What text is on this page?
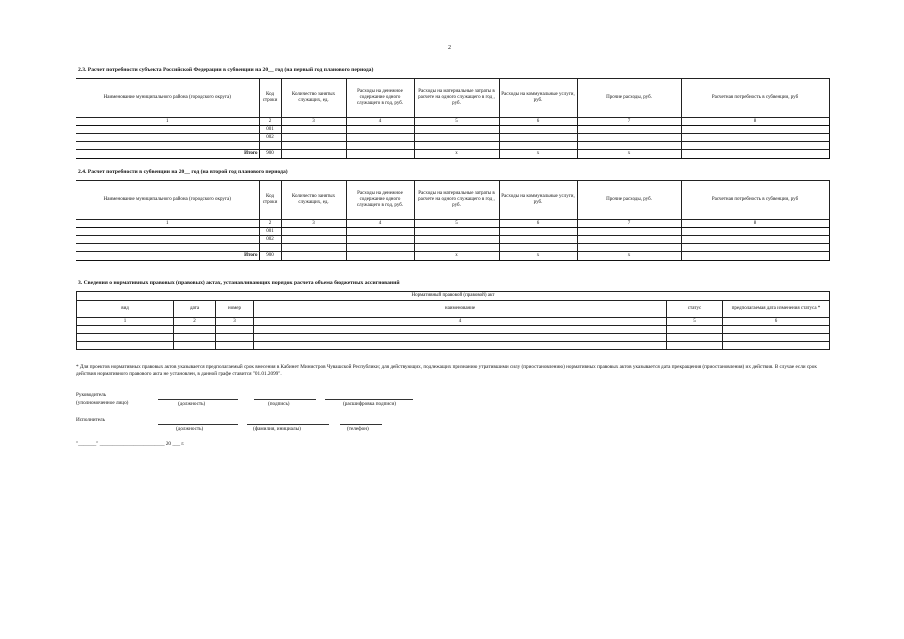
2
2.3. Расчет потребности субъекта Российской Федерации в субвенции на 20__ год (на первый год планового периода)
Наименование муниципального района (городского округа)	Код строки	Количество занятых служащих, ед.	Расходы на денежное содержание одного служащего в год, руб.	Расходы на материальные затраты в расчете на одного служащего в год , руб.	Расходы на коммунальные услуги, руб.	Прочие расходы, руб.	Расчетная потребность в субвенции, руб
1	2	3	4	5	6	7	8
	001						
	002						

Итого	900			x	x	x	
2.4. Расчет потребности в субвенции на 20__ год (на второй год планового периода)
Наименование муниципального района (городского округа)	Код строки	Количество занятых служащих, ед.	Расходы на денежное содержание одного служащего в год, руб.	Расходы на материальные затраты в расчете на одного служащего в год , руб.	Расходы на коммунальные услуги, руб.	Прочие расходы, руб.	Расчетная потребность в субвенции, руб
1	2	3	4	5	6	7	8
	001						
	002						

Итого	900			x	x	x	
3. Сведения о нормативных правовых (правовых) актах, устанавливающих порядок расчета объема бюджетных ассигнований
Нормативный правовой (правовой) акт					
вид	дата	номер	наименование	статус	предполагаемая дата изменения статуса *
1	2	3	4	5	6

* Для проектов нормативных правовых актов указывается предполагаемый срок внесения в Кабинет Министров Чувашской Республики; для действующих, подлежащих признанию утратившими силу (приостановлению) нормативных правовых актов указывается дата прекращения (приостановления) их действия. В случае если срок действия нормативного правового акта не установлен, в данной графе ставится "01.01.2099".
Руководитель
(уполномоченное лицо)	(должность)	(подпись)	(расшифровка подписи)
Исполнитель
(должность)	(фамилия, инициалы)	(телефон)
"_______" _________________________ 20 ___ г.
